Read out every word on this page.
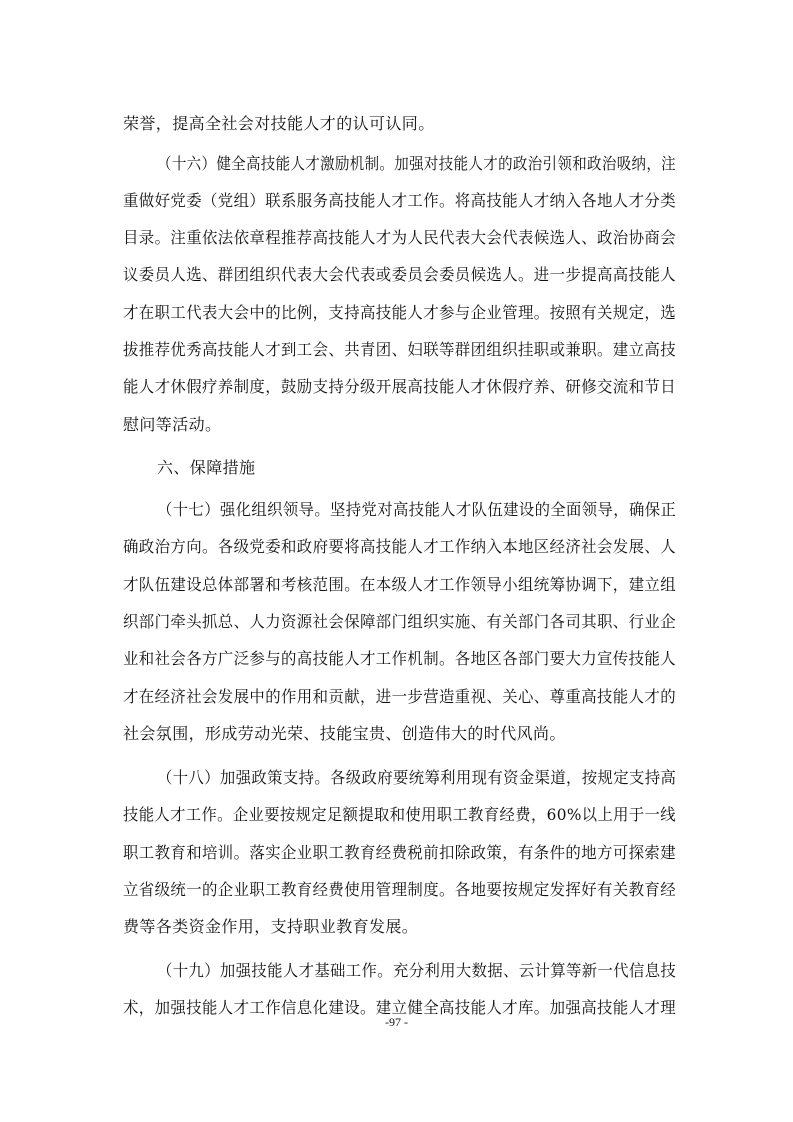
荣誉，提高全社会对技能人才的认可认同。
（十六）健全高技能人才激励机制。加强对技能人才的政治引领和政治吸纳，注
重做好党委（党组）联系服务高技能人才工作。将高技能人才纳入各地人才分类
目录。注重依法依章程推荐高技能人才为人民代表大会代表候选人、政治协商会
议委员人选、群团组织代表大会代表或委员会委员候选人。进一步提高高技能人
才在职工代表大会中的比例，支持高技能人才参与企业管理。按照有关规定，选
拔推荐优秀高技能人才到工会、共青团、妇联等群团组织挂职或兼职。建立高技
能人才休假疗养制度，鼓励支持分级开展高技能人才休假疗养、研修交流和节日
慰问等活动。
六、保障措施
（十七）强化组织领导。坚持党对高技能人才队伍建设的全面领导，确保正
确政治方向。各级党委和政府要将高技能人才工作纳入本地区经济社会发展、人
才队伍建设总体部署和考核范围。在本级人才工作领导小组统筹协调下，建立组
织部门牵头抓总、人力资源社会保障部门组织实施、有关部门各司其职、行业企
业和社会各方广泛参与的高技能人才工作机制。各地区各部门要大力宣传技能人
才在经济社会发展中的作用和贡献，进一步营造重视、关心、尊重高技能人才的
社会氛围，形成劳动光荣、技能宝贵、创造伟大的时代风尚。
（十八）加强政策支持。各级政府要统筹利用现有资金渠道，按规定支持高
技能人才工作。企业要按规定足额提取和使用职工教育经费，60%以上用于一线
职工教育和培训。落实企业职工教育经费税前扣除政策，有条件的地方可探索建
立省级统一的企业职工教育经费使用管理制度。各地要按规定发挥好有关教育经
费等各类资金作用，支持职业教育发展。
（十九）加强技能人才基础工作。充分利用大数据、云计算等新一代信息技
术，加强技能人才工作信息化建设。建立健全高技能人才库。加强高技能人才理
-97 -
